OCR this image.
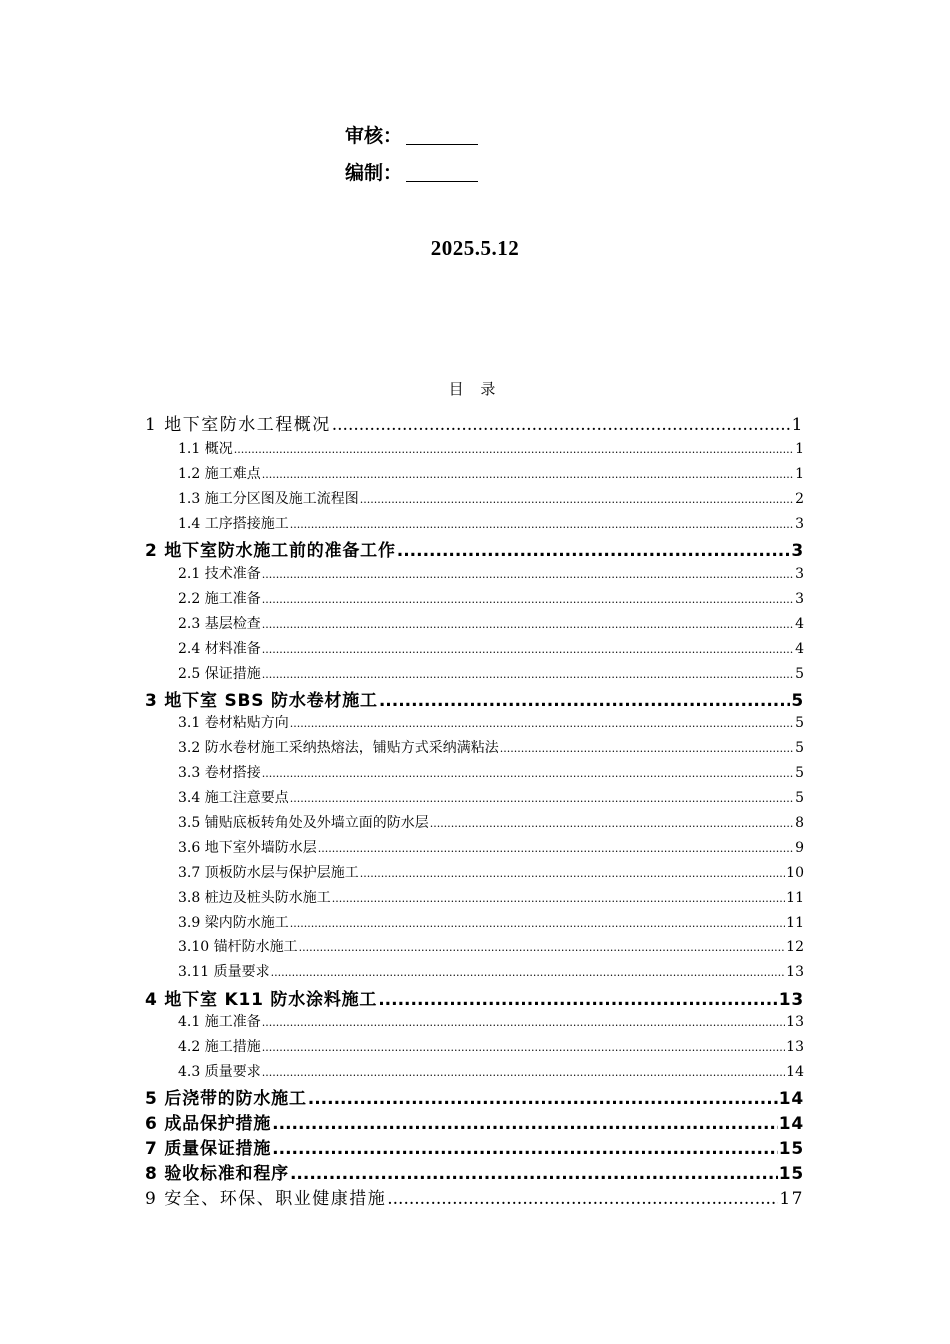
审核：
编制：
2025.5.12
目 录
1 地下室防水工程概况 .....	1
1.1 概况 .....	1
1.2 施工难点 .....	1
1.3 施工分区图及施工流程图 .....	2
1.4 工序搭接施工 .....	3
2 地下室防水施工前的准备工作 .....	3
2.1 技术准备 .....	3
2.2 施工准备 .....	3
2.3 基层检查 .....	4
2.4 材料准备 .....	4
2.5 保证措施 .....	5
3 地下室 SBS 防水卷材施工 .....	5
3.1 卷材粘贴方向 .....	5
3.2 防水卷材施工采纳热熔法，铺贴方式采纳满粘法 .....	5
3.3 卷材搭接 .....	5
3.4 施工注意要点 .....	5
3.5 铺贴底板转角处及外墙立面的防水层 .....	8
3.6 地下室外墙防水层 .....	9
3.7 顶板防水层与保护层施工 .....	10
3.8 桩边及桩头防水施工 .....	11
3.9 梁内防水施工 .....	11
3.10 锚杆防水施工 .....	12
3.11 质量要求 .....	13
4 地下室 K11 防水涂料施工 .....	13
4.1 施工准备 .....	13
4.2 施工措施 .....	13
4.3 质量要求 .....	14
5 后浇带的防水施工 .....	14
6 成品保护措施 .....	14
7 质量保证措施 .....	15
8 验收标准和程序 .....	15
9 安全、环保、职业健康措施 .....	17
